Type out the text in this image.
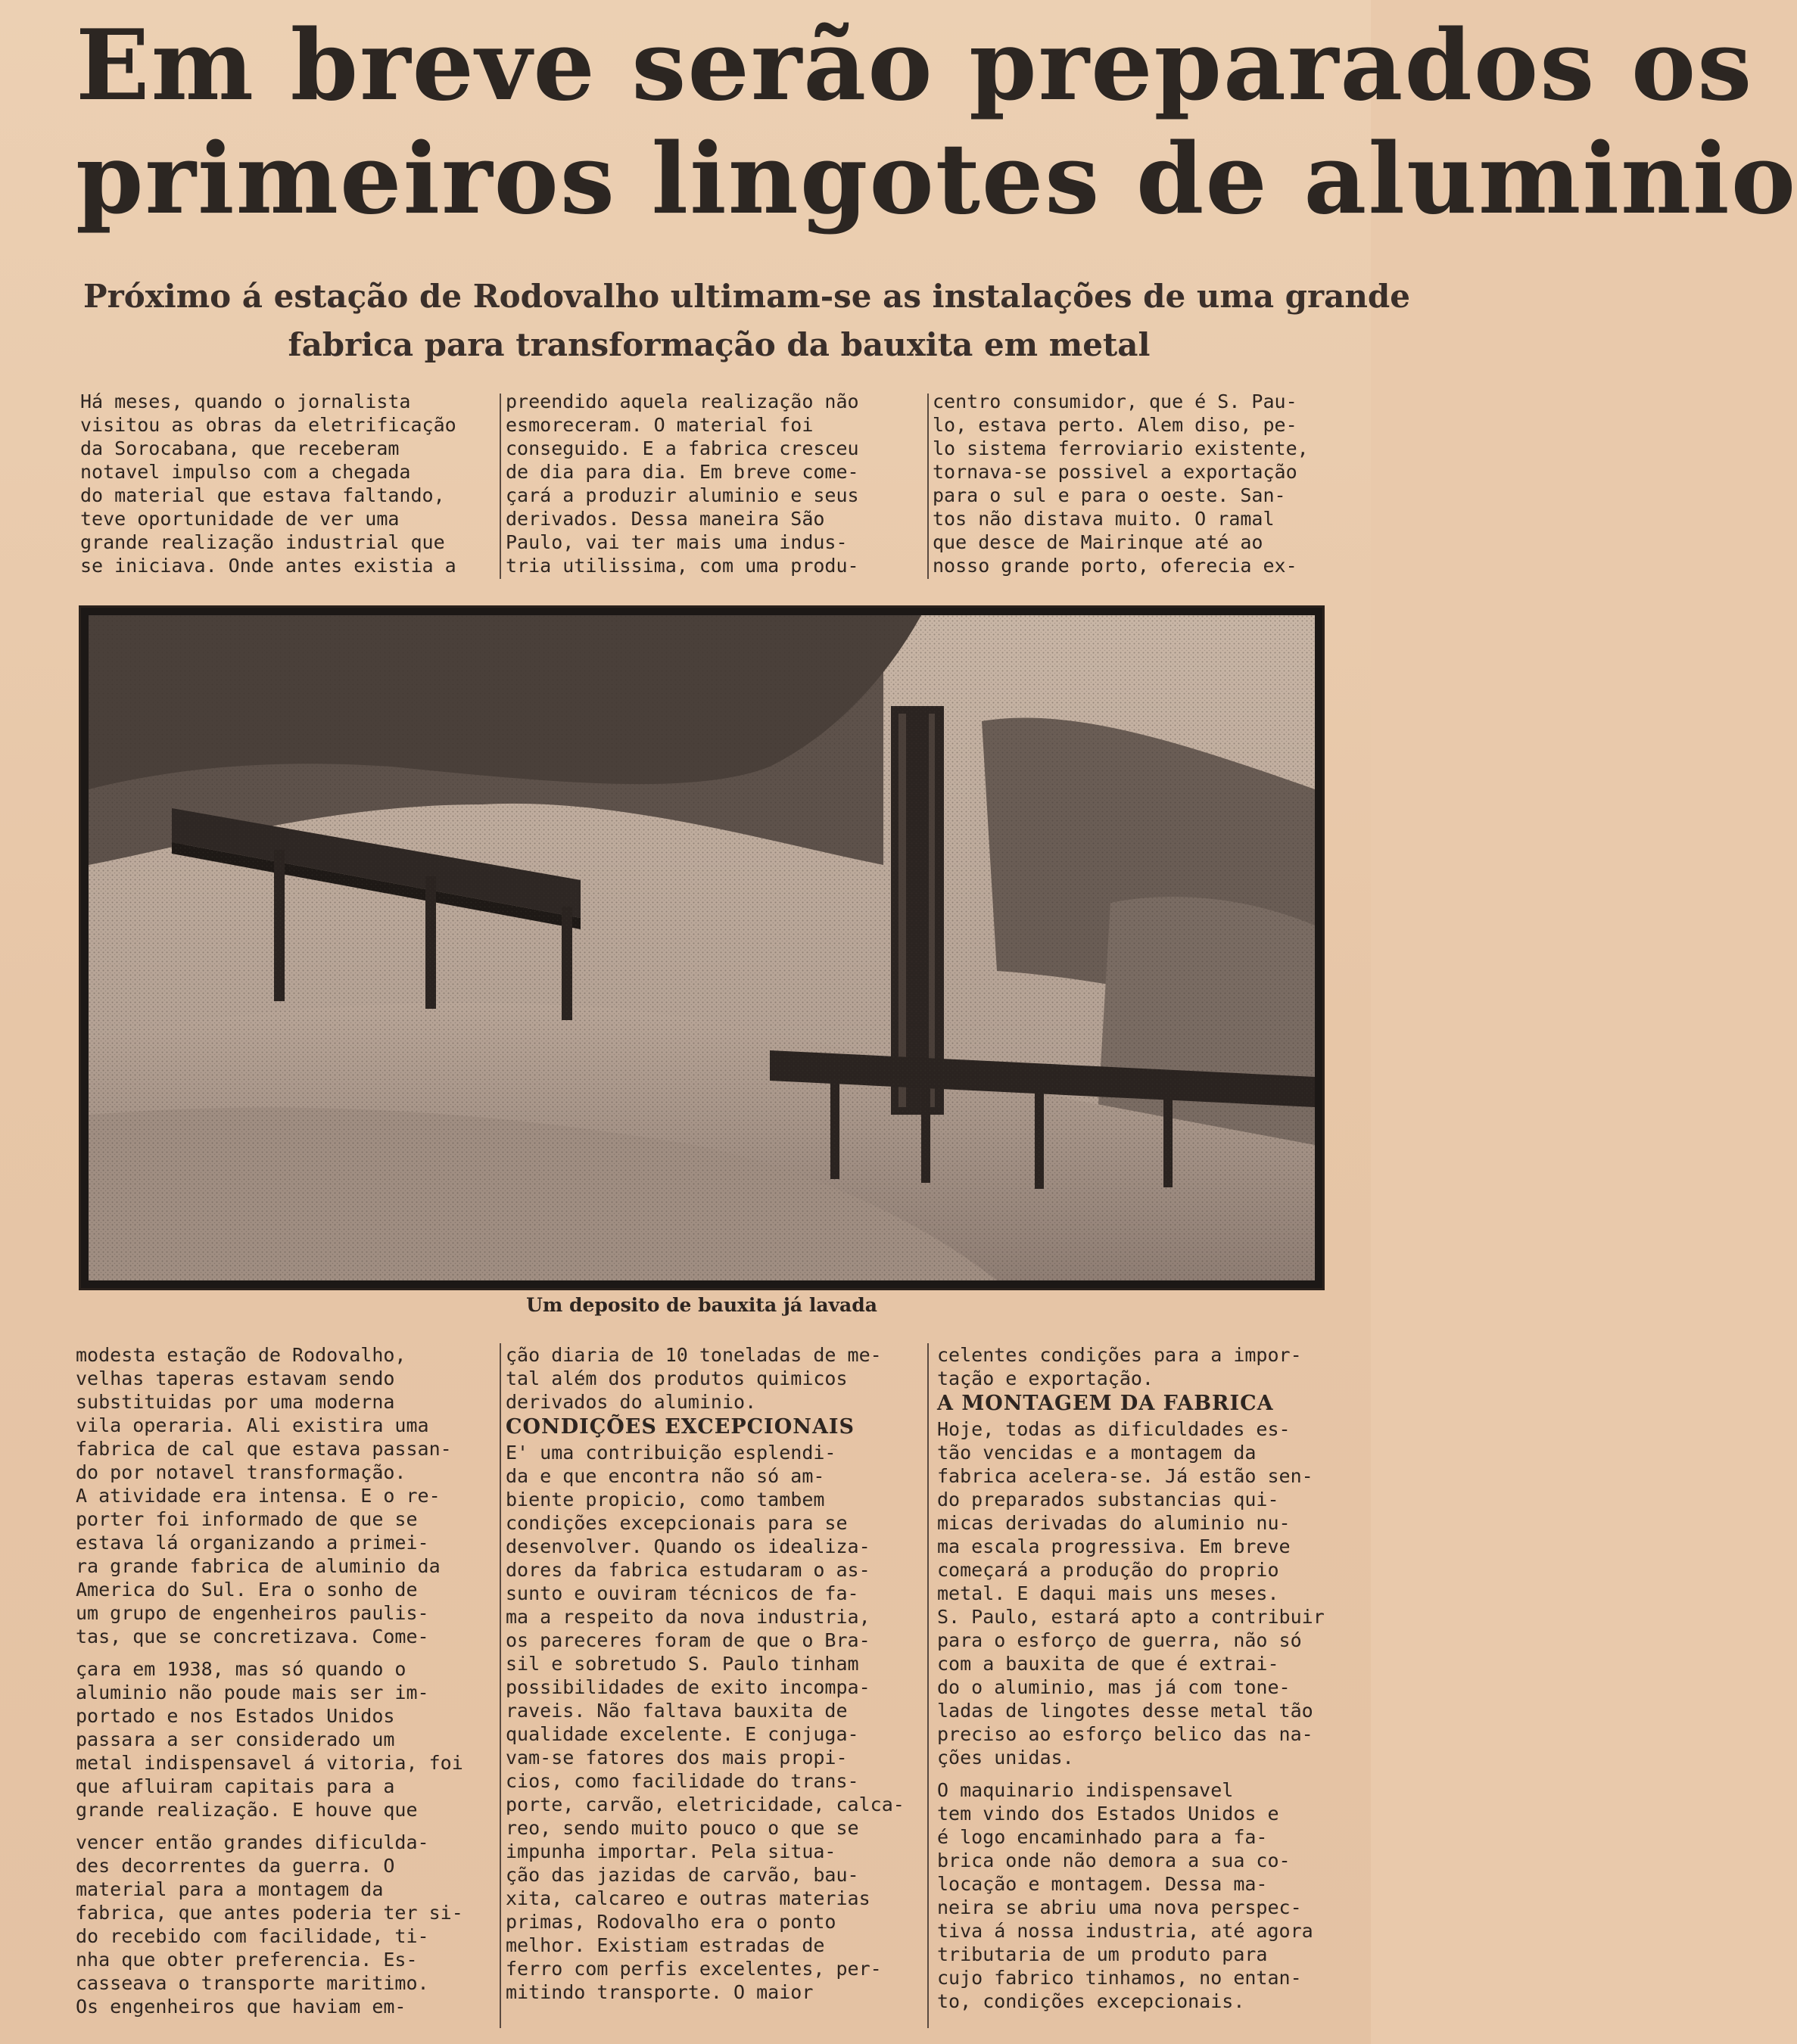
Em breve serão preparados os
primeiros lingotes de aluminio
Próximo á estação de Rodovalho ultimam-se as instalações de uma grande
fabrica para transformação da bauxita em metal
Há meses, quando o jornalista
visitou as obras da eletrificação
da Sorocabana, que receberam
notavel impulso com a chegada
do material que estava faltando,
teve oportunidade de ver uma
grande realização industrial que
se iniciava. Onde antes existia a
preendido aquela realização não
esmoreceram. O material foi
conseguido. E a fabrica cresceu
de dia para dia. Em breve come-
çará a produzir aluminio e seus
derivados. Dessa maneira São
Paulo, vai ter mais uma indus-
tria utilissima, com uma produ-
centro consumidor, que é S. Pau-
lo, estava perto. Alem diso, pe-
lo sistema ferroviario existente,
tornava-se possivel a exportação
para o sul e para o oeste. San-
tos não distava muito. O ramal
que desce de Mairinque até ao
nosso grande porto, oferecia ex-
Um deposito de bauxita já lavada
modesta estação de Rodovalho,
velhas taperas estavam sendo
substituidas por uma moderna
vila operaria. Ali existira uma
fabrica de cal que estava passan-
do por notavel transformação.
A atividade era intensa. E o re-
porter foi informado de que se
estava lá organizando a primei-
ra grande fabrica de aluminio da
America do Sul. Era o sonho de
um grupo de engenheiros paulis-
tas, que se concretizava. Come-

çara em 1938, mas só quando o
aluminio não poude mais ser im-
portado e nos Estados Unidos
passara a ser considerado um
metal indispensavel á vitoria, foi
que afluiram capitais para a
grande realização. E houve que

vencer então grandes dificulda-
des decorrentes da guerra. O
material para a montagem da
fabrica, que antes poderia ter si-
do recebido com facilidade, ti-
nha que obter preferencia. Es-
casseava o transporte maritimo.
Os engenheiros que haviam em-
ção diaria de 10 toneladas de me-
tal além dos produtos quimicos
derivados do aluminio.
CONDIÇÕES EXCEPCIONAIS
E' uma contribuição esplendi-
da e que encontra não só am-
biente propicio, como tambem
condições excepcionais para se
desenvolver. Quando os idealiza-
dores da fabrica estudaram o as-
sunto e ouviram técnicos de fa-
ma a respeito da nova industria,
os pareceres foram de que o Bra-
sil e sobretudo S. Paulo tinham
possibilidades de exito incompa-
raveis. Não faltava bauxita de
qualidade excelente. E conjuga-
vam-se fatores dos mais propi-
cios, como facilidade do trans-
porte, carvão, eletricidade, calca-
reo, sendo muito pouco o que se
impunha importar. Pela situa-
ção das jazidas de carvão, bau-
xita, calcareo e outras materias
primas, Rodovalho era o ponto
melhor. Existiam estradas de
ferro com perfis excelentes, per-
mitindo transporte. O maior
celentes condições para a impor-
tação e exportação.
A MONTAGEM DA FABRICA
Hoje, todas as dificuldades es-
tão vencidas e a montagem da
fabrica acelera-se. Já estão sen-
do preparados substancias qui-
micas derivadas do aluminio nu-
ma escala progressiva. Em breve
começará a produção do proprio
metal. E daqui mais uns meses.
S. Paulo, estará apto a contribuir
para o esforço de guerra, não só
com a bauxita de que é extrai-
do o aluminio, mas já com tone-
ladas de lingotes desse metal tão
preciso ao esforço belico das na-
ções unidas.

O maquinario indispensavel
tem vindo dos Estados Unidos e
é logo encaminhado para a fa-
brica onde não demora a sua co-
locação e montagem. Dessa ma-
neira se abriu uma nova perspec-
tiva á nossa industria, até agora
tributaria de um produto para
cujo fabrico tinhamos, no entan-
to, condições excepcionais.
